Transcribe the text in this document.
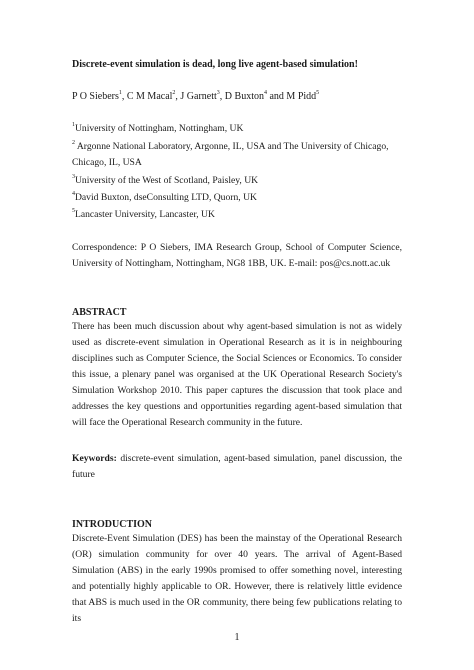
Discrete-event simulation is dead, long live agent-based simulation!
P O Siebers$^1$, C M Macal$^2$, J Garnett$^3$, D Buxton$^4$ and M Pidd$^5$

$^1$University of Nottingham, Nottingham, UK

$^2$ Argonne National Laboratory, Argonne, IL, USA and The University of Chicago, Chicago, IL, USA

$^3$University of the West of Scotland, Paisley, UK

$^4$David Buxton, dseConsulting LTD, Quorn, UK

$^5$Lancaster University, Lancaster, UK

Correspondence: P O Siebers, IMA Research Group, School of Computer Science, University of Nottingham, Nottingham, NG8 1BB, UK. E-mail: pos@cs.nott.ac.uk
ABSTRACT
There has been much discussion about why agent-based simulation is not as widely used as discrete-event simulation in Operational Research as it is in neighbouring disciplines such as Computer Science, the Social Sciences or Economics. To consider this issue, a plenary panel was organised at the UK Operational Research Society's Simulation Workshop 2010. This paper captures the discussion that took place and addresses the key questions and opportunities regarding agent-based simulation that will face the Operational Research community in the future.
Keywords: discrete-event simulation, agent-based simulation, panel discussion, the future
INTRODUCTION
Discrete-Event Simulation (DES) has been the mainstay of the Operational Research (OR) simulation community for over 40 years. The arrival of Agent-Based Simulation (ABS) in the early 1990s promised to offer something novel, interesting and potentially highly applicable to OR. However, there is relatively little evidence that ABS is much used in the OR community, there being few publications relating to its
1
